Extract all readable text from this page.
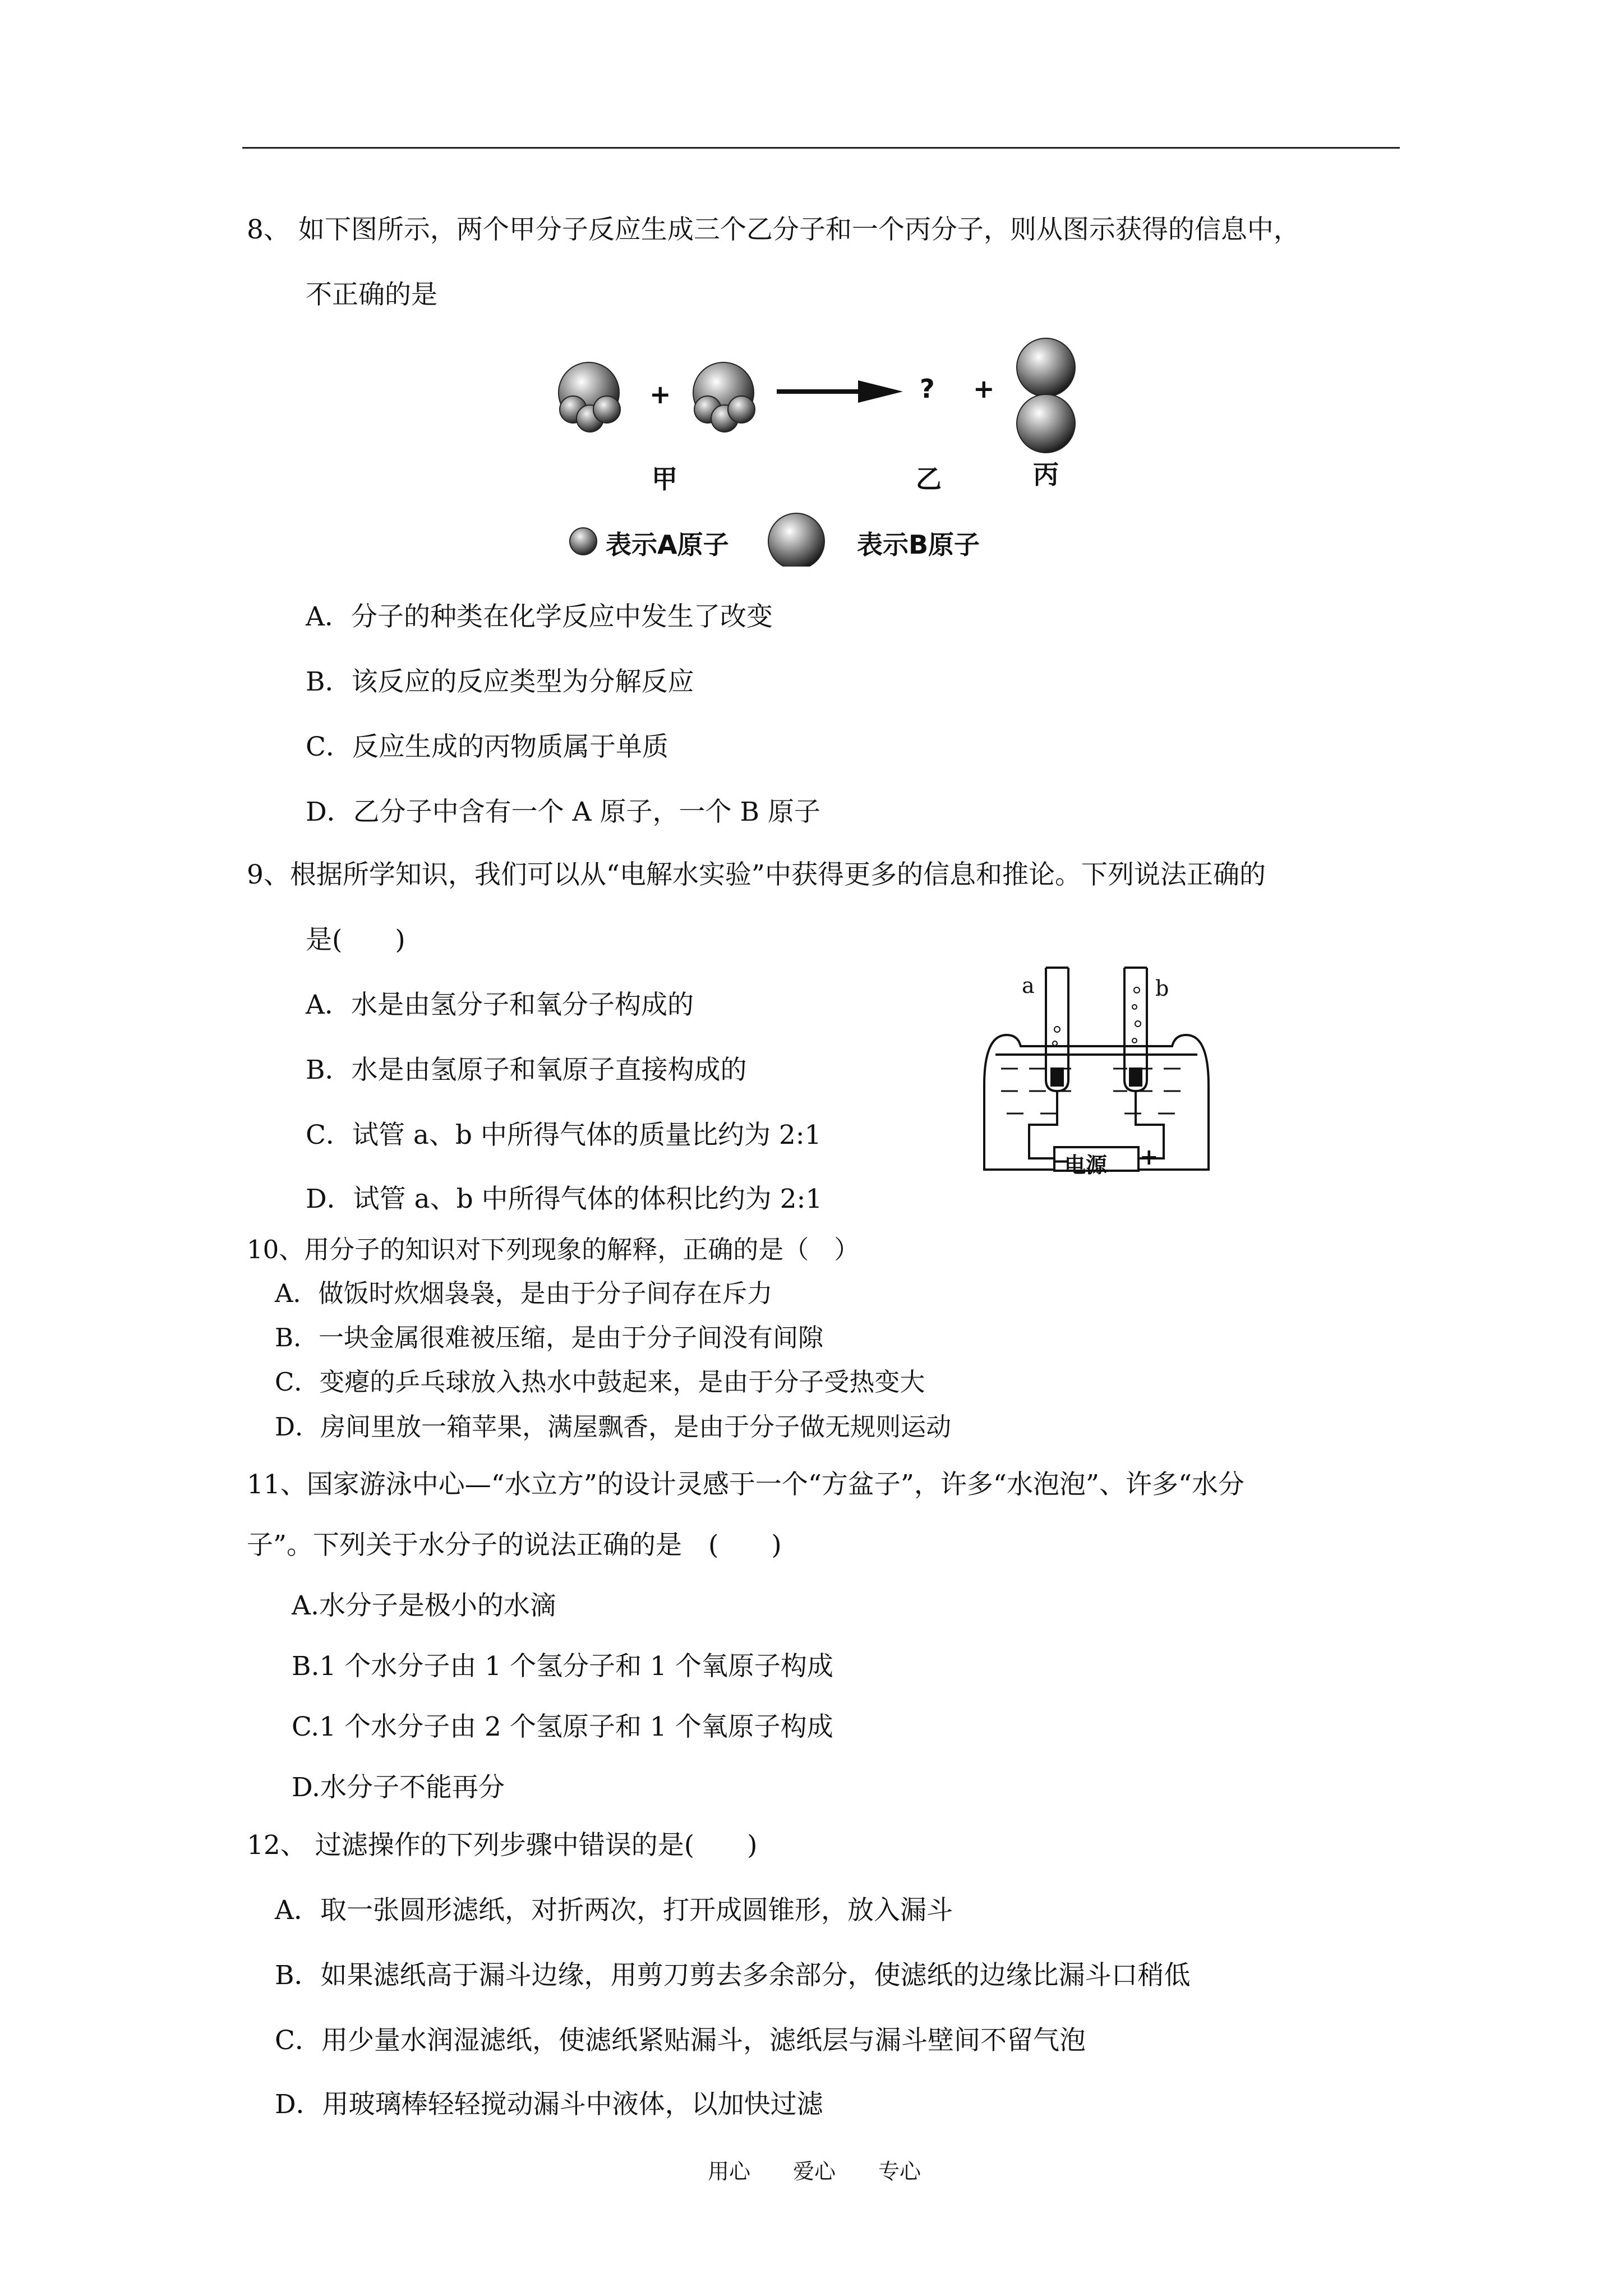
8、 如下图所示，两个甲分子反应生成三个乙分子和一个丙分子，则从图示获得的信息中，
不正确的是
+	? +
甲	乙	丙
表示A原子	表示B原子
A．分子的种类在化学反应中发生了改变
B．该反应的反应类型为分解反应
C．反应生成的丙物质属于单质
D．乙分子中含有一个 A 原子，一个 B 原子
9、根据所学知识，我们可以从“电解水实验”中获得更多的信息和推论。下列说法正确的
是(　　)
A．水是由氢分子和氧分子构成的
B．水是由氢原子和氧原子直接构成的
C．试管 a、b 中所得气体的质量比约为 2:1
D．试管 a、b 中所得气体的体积比约为 2:1
a	b
−
电源 +
10、用分子的知识对下列现象的解释，正确的是（　）
A．做饭时炊烟袅袅，是由于分子间存在斥力
B．一块金属很难被压缩，是由于分子间没有间隙
C．变瘪的乒乓球放入热水中鼓起来，是由于分子受热变大
D．房间里放一箱苹果，满屋飘香，是由于分子做无规则运动
11、国家游泳中心—“水立方”的设计灵感于一个“方盆子”，许多“水泡泡”、许多“水分
子”。下列关于水分子的说法正确的是　(　　)
A.水分子是极小的水滴
B.1 个水分子由 1 个氢分子和 1 个氧原子构成
C.1 个水分子由 2 个氢原子和 1 个氧原子构成
D.水分子不能再分
12、 过滤操作的下列步骤中错误的是(　　)
A．取一张圆形滤纸，对折两次，打开成圆锥形，放入漏斗
B．如果滤纸高于漏斗边缘，用剪刀剪去多余部分，使滤纸的边缘比漏斗口稍低
C．用少量水润湿滤纸，使滤纸紧贴漏斗，滤纸层与漏斗壁间不留气泡
D．用玻璃棒轻轻搅动漏斗中液体，以加快过滤
用心　　爱心　　专心
